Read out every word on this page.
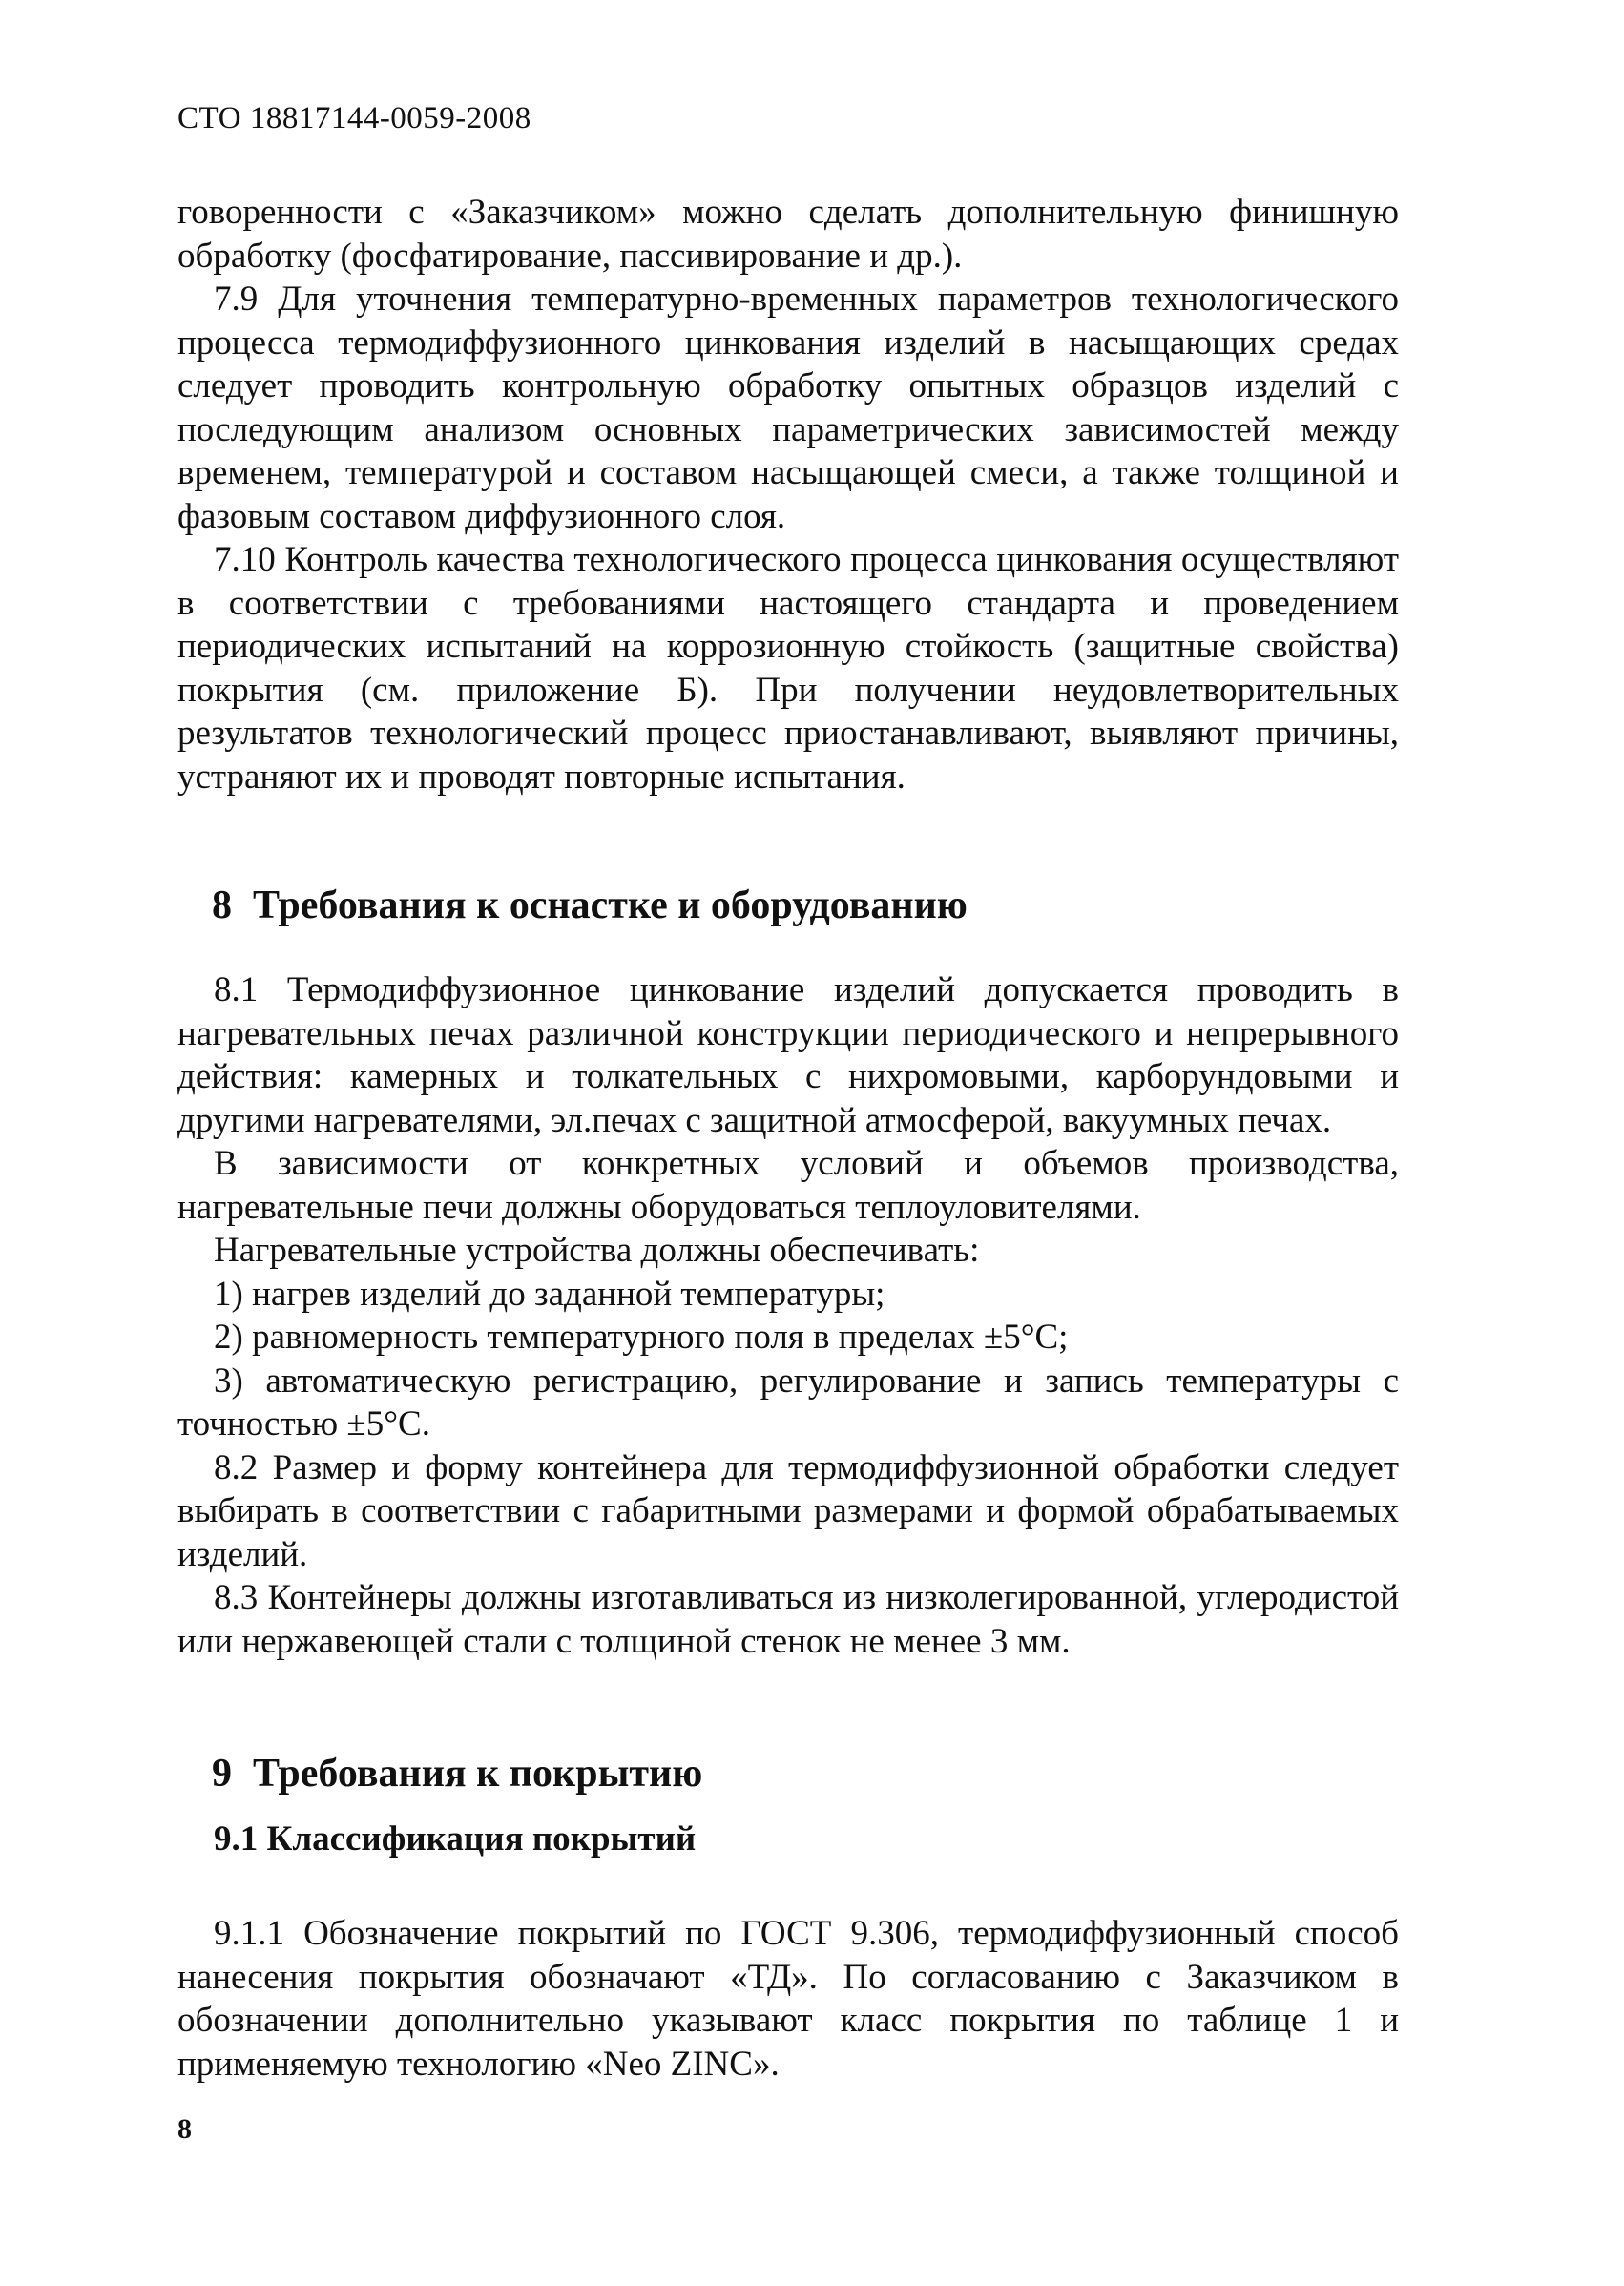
СТО 18817144-0059-2008

говоренности с «Заказчиком» можно сделать дополнительную финишную обработку (фосфатирование, пассивирование и др.).

7.9 Для уточнения температурно-временных параметров технологического процесса термодиффузионного цинкования изделий в насыщающих средах следует проводить контрольную обработку опытных образцов изделий с последующим анализом основных параметрических зависимостей между временем, температурой и составом насыщающей смеси, а также толщиной и фазовым составом диффузионного слоя.

7.10 Контроль качества технологического процесса цинкования осуществляют в соответствии с требованиями настоящего стандарта и проведением периодических испытаний на коррозионную стойкость (защитные свойства) покрытия (см. приложение Б). При получении неудовлетворительных результатов технологический процесс приостанавливают, выявляют причины, устраняют их и проводят повторные испытания.

8 Требования к оснастке и оборудованию

8.1 Термодиффузионное цинкование изделий допускается проводить в нагревательных печах различной конструкции периодического и непрерывного действия: камерных и толкательных с нихромовыми, карборундовыми и другими нагревателями, эл.печах с защитной атмосферой, вакуумных печах.

В зависимости от конкретных условий и объемов производства, нагревательные печи должны оборудоваться теплоуловителями.

Нагревательные устройства должны обеспечивать:

1) нагрев изделий до заданной температуры;

2) равномерность температурного поля в пределах ±5°С;

3) автоматическую регистрацию, регулирование и запись температуры с точностью ±5°С.

8.2 Размер и форму контейнера для термодиффузионной обработки следует выбирать в соответствии с габаритными размерами и формой обрабатываемых изделий.

8.3 Контейнеры должны изготавливаться из низколегированной, углеродистой или нержавеющей стали с толщиной стенок не менее 3 мм.

9 Требования к покрытию

9.1 Классификация покрытий

9.1.1 Обозначение покрытий по ГОСТ 9.306, термодиффузионный способ нанесения покрытия обозначают «ТД». По согласованию с Заказчиком в обозначении дополнительно указывают класс покрытия по таблице 1 и применяемую технологию «Neo ZINC».

8
